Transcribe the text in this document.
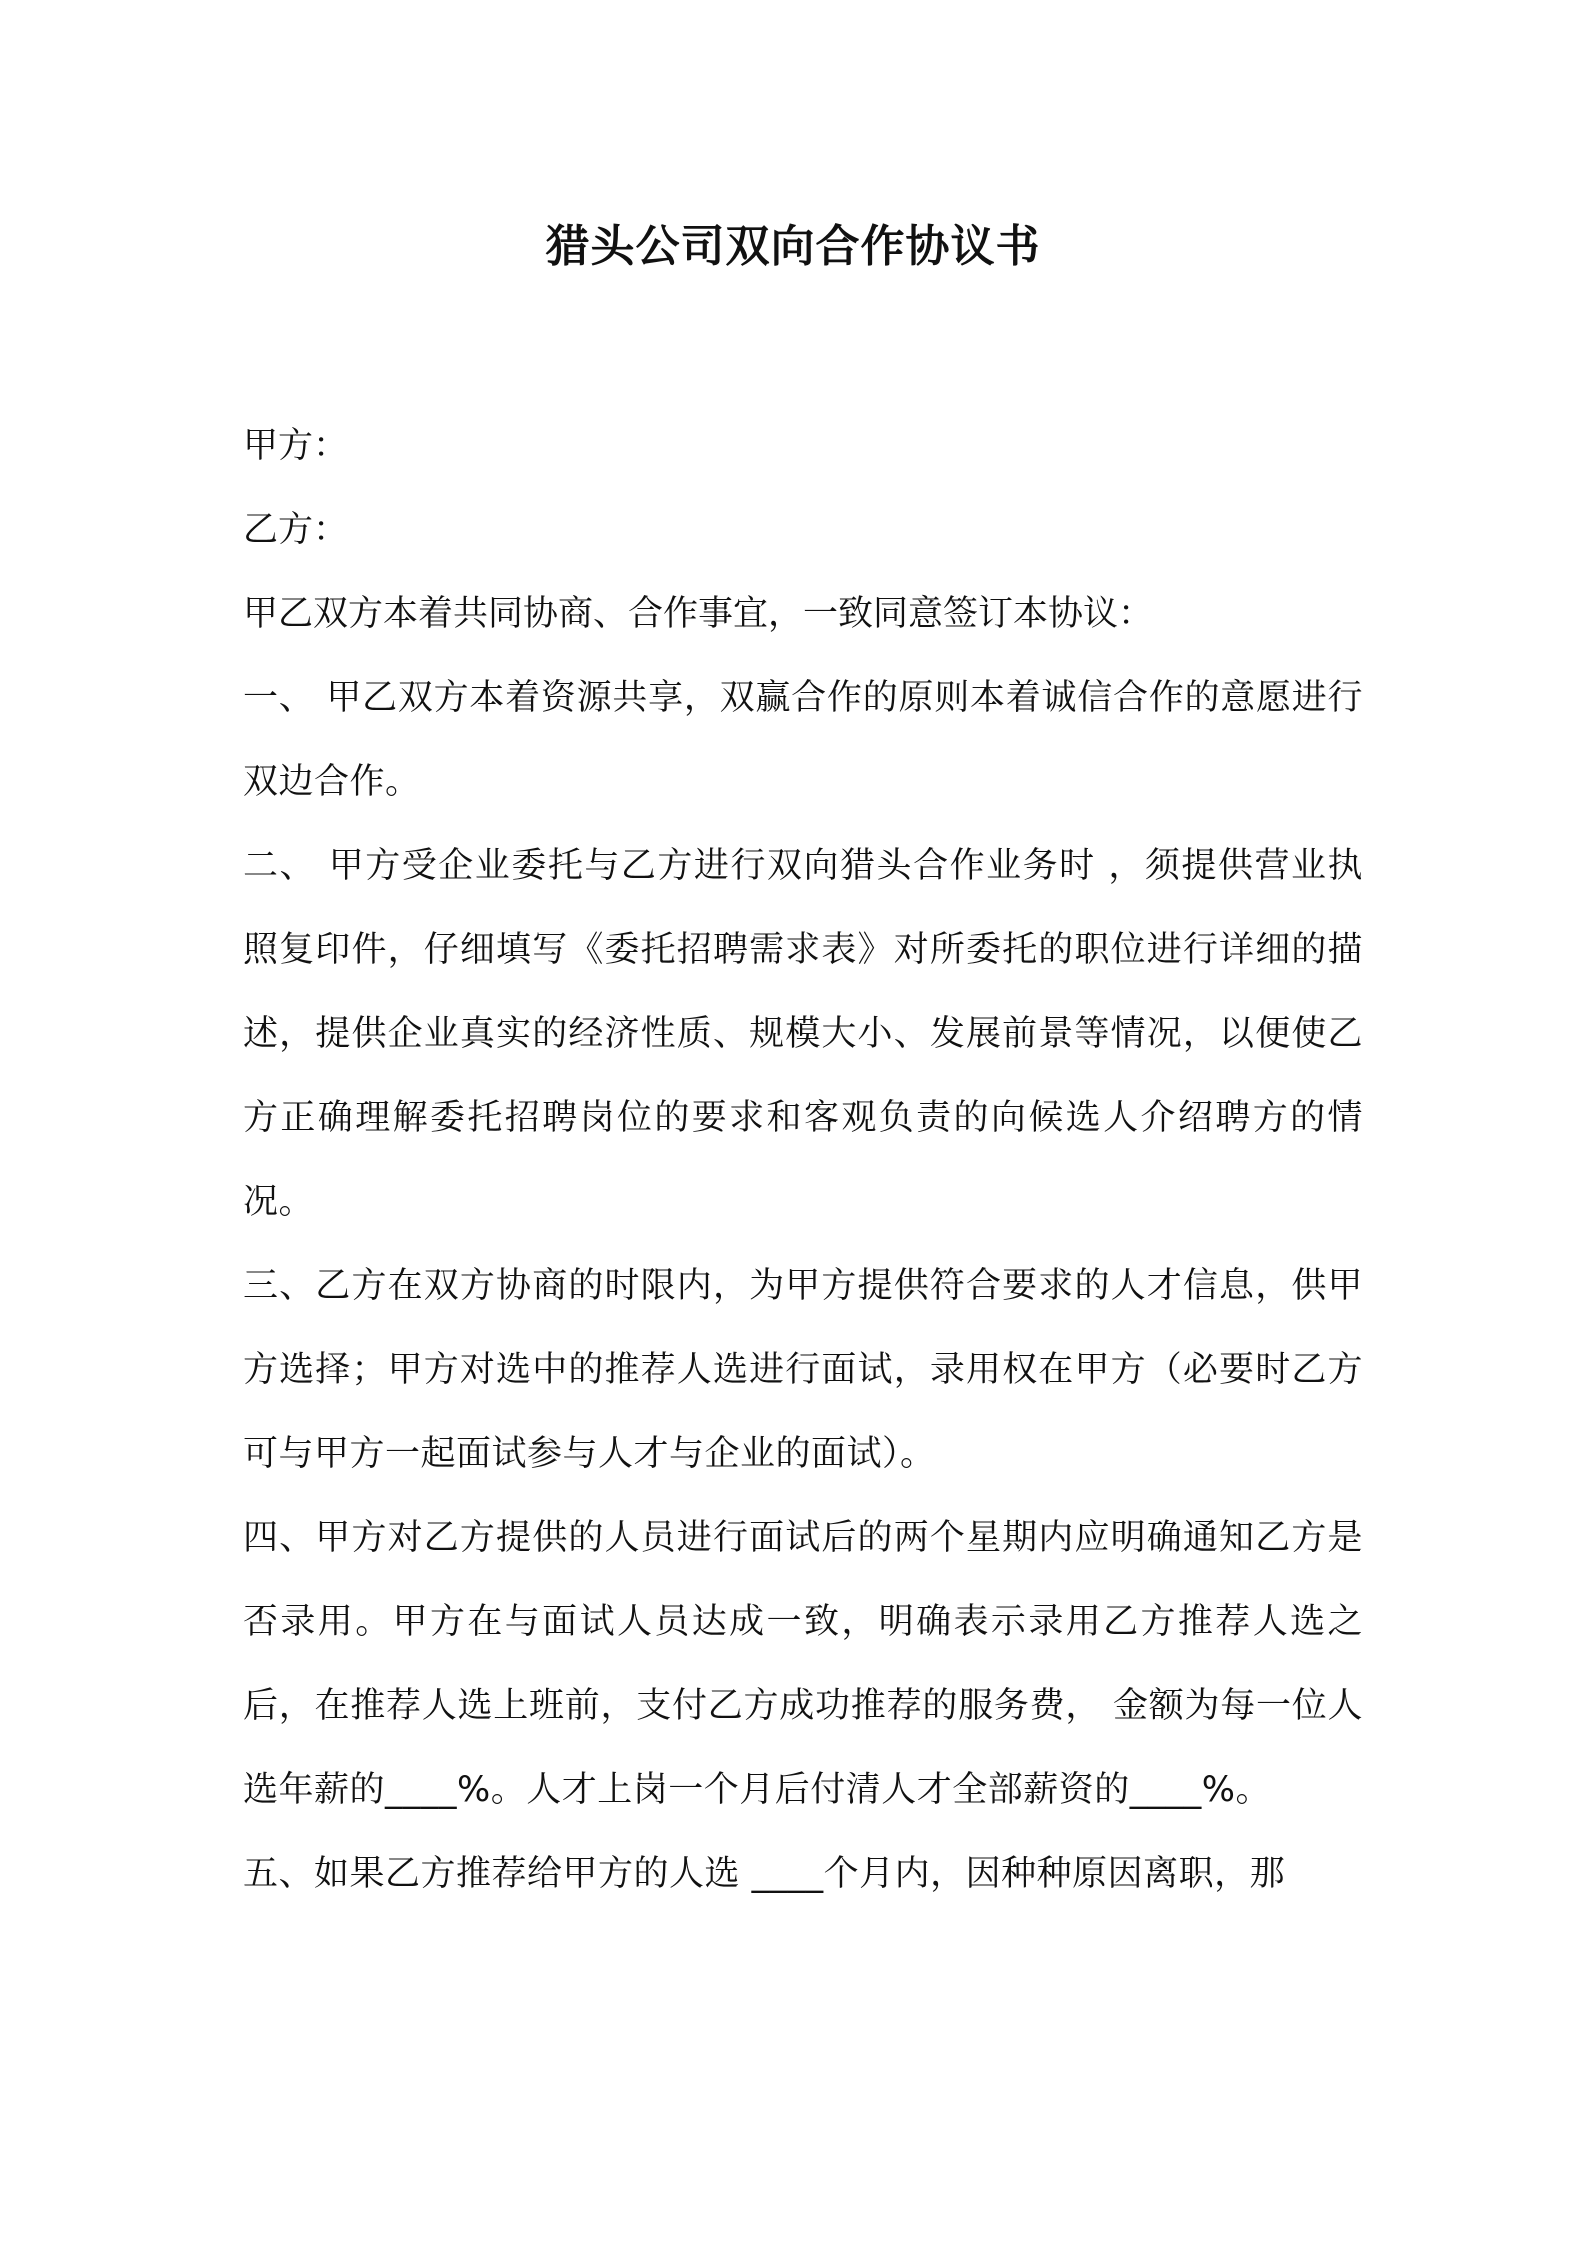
猎头公司双向合作协议书

甲方：

乙方：

甲乙双方本着共同协商、合作事宜，一致同意签订本协议：

一、 甲乙双方本着资源共享，双赢合作的原则本着诚信合作的意愿进行双边合作。

二、 甲方受企业委托与乙方进行双向猎头合作业务时 ，须提供营业执照复印件，仔细填写《委托招聘需求表》对所委托的职位进行详细的描述，提供企业真实的经济性质、规模大小、发展前景等情况，以便使乙方正确理解委托招聘岗位的要求和客观负责的向候选人介绍聘方的情况。

三、乙方在双方协商的时限内，为甲方提供符合要求的人才信息，供甲方选择；甲方对选中的推荐人选进行面试，录用权在甲方（必要时乙方可与甲方一起面试参与人才与企业的面试）。

四、甲方对乙方提供的人员进行面试后的两个星期内应明确通知乙方是否录用。甲方在与面试人员达成一致，明确表示录用乙方推荐人选之后，在推荐人选上班前，支付乙方成功推荐的服务费， 金额为每一位人选年薪的____%。人才上岗一个月后付清人才全部薪资的____%。

五、如果乙方推荐给甲方的人选 ____个月内，因种种原因离职，那
